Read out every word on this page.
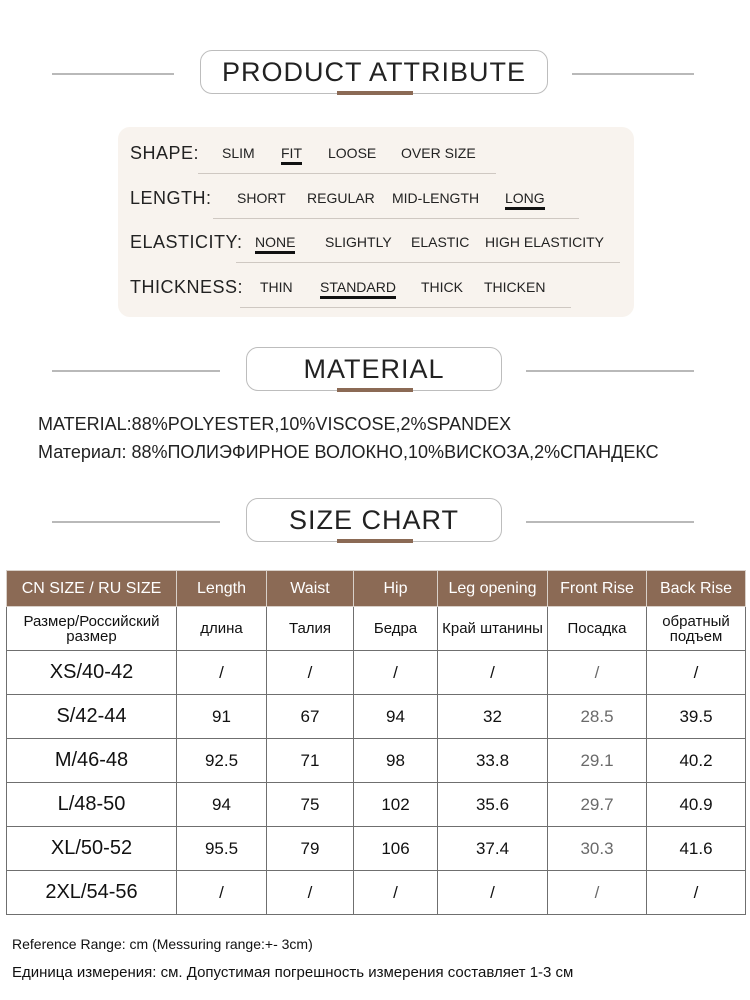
PRODUCT ATTRIBUTE
SHAPE: SLIM FIT LOOSE OVER SIZE
LENGTH: SHORT REGULAR MID-LENGTH LONG
ELASTICITY: NONE SLIGHTLY ELASTIC HIGH ELASTICITY
THICKNESS: THIN STANDARD THICK THICKEN
MATERIAL
MATERIAL:88%POLYESTER,10%VISCOSE,2%SPANDEX
Материал: 88%ПОЛИЭФИРНОЕ ВОЛОКНО,10%ВИСКОЗА,2%СПАНДЕКС
SIZE CHART
CN SIZE / RU SIZE	Length	Waist	Hip	Leg opening	Front Rise	Back Rise
Размер/Российский размер	длина	Талия	Бедра	Край штанины	Посадка	обратный подъем
XS/40-42	/	/	/	/	/	/
S/42-44	91	67	94	32	28.5	39.5
M/46-48	92.5	71	98	33.8	29.1	40.2
L/48-50	94	75	102	35.6	29.7	40.9
XL/50-52	95.5	79	106	37.4	30.3	41.6
2XL/54-56	/	/	/	/	/	/
Reference Range: cm (Messuring range:+- 3cm)
Единица измерения: см. Допустимая погрешность измерения составляет 1-3 см
